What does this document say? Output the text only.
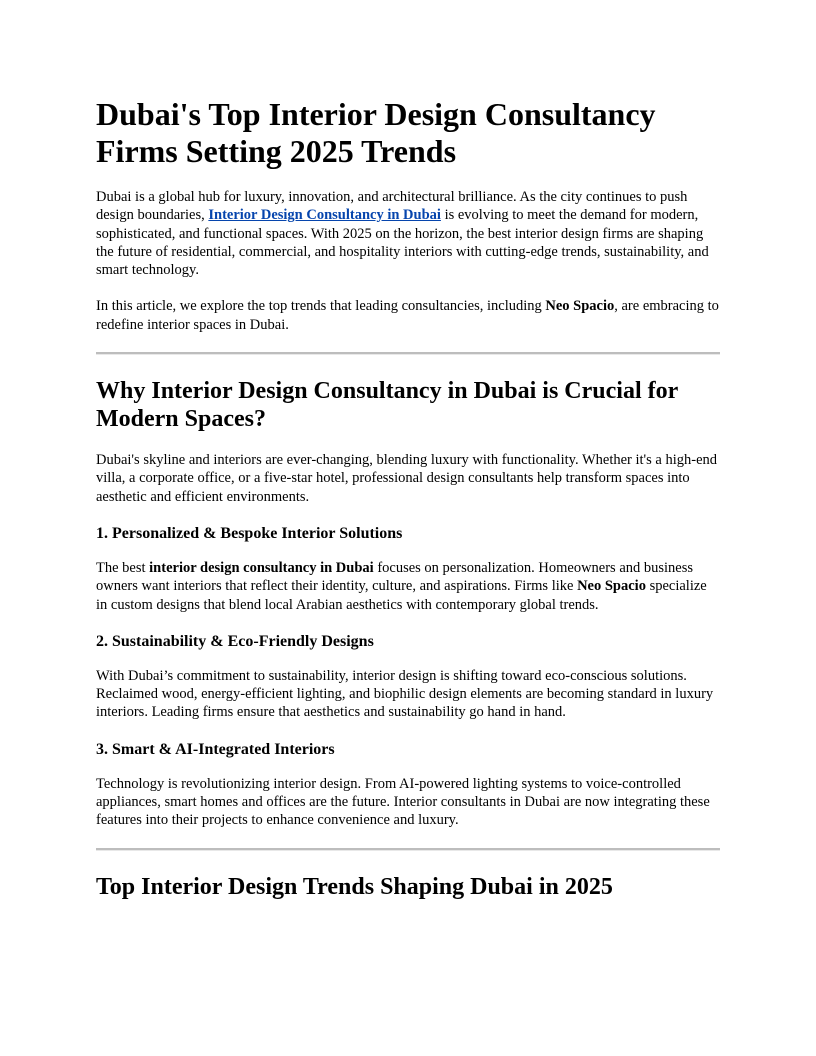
Dubai's Top Interior Design Consultancy Firms Setting 2025 Trends

Dubai is a global hub for luxury, innovation, and architectural brilliance. As the city continues to push design boundaries, Interior Design Consultancy in Dubai is evolving to meet the demand for modern, sophisticated, and functional spaces. With 2025 on the horizon, the best interior design firms are shaping the future of residential, commercial, and hospitality interiors with cutting-edge trends, sustainability, and smart technology.

In this article, we explore the top trends that leading consultancies, including Neo Spacio, are embracing to redefine interior spaces in Dubai.

Why Interior Design Consultancy in Dubai is Crucial for Modern Spaces?

Dubai's skyline and interiors are ever-changing, blending luxury with functionality. Whether it's a high-end villa, a corporate office, or a five-star hotel, professional design consultants help transform spaces into aesthetic and efficient environments.

1. Personalized & Bespoke Interior Solutions

The best interior design consultancy in Dubai focuses on personalization. Homeowners and business owners want interiors that reflect their identity, culture, and aspirations. Firms like Neo Spacio specialize in custom designs that blend local Arabian aesthetics with contemporary global trends.

2. Sustainability & Eco-Friendly Designs

With Dubai’s commitment to sustainability, interior design is shifting toward eco-conscious solutions. Reclaimed wood, energy-efficient lighting, and biophilic design elements are becoming standard in luxury interiors. Leading firms ensure that aesthetics and sustainability go hand in hand.

3. Smart & AI-Integrated Interiors

Technology is revolutionizing interior design. From AI-powered lighting systems to voice-controlled appliances, smart homes and offices are the future. Interior consultants in Dubai are now integrating these features into their projects to enhance convenience and luxury.

Top Interior Design Trends Shaping Dubai in 2025
